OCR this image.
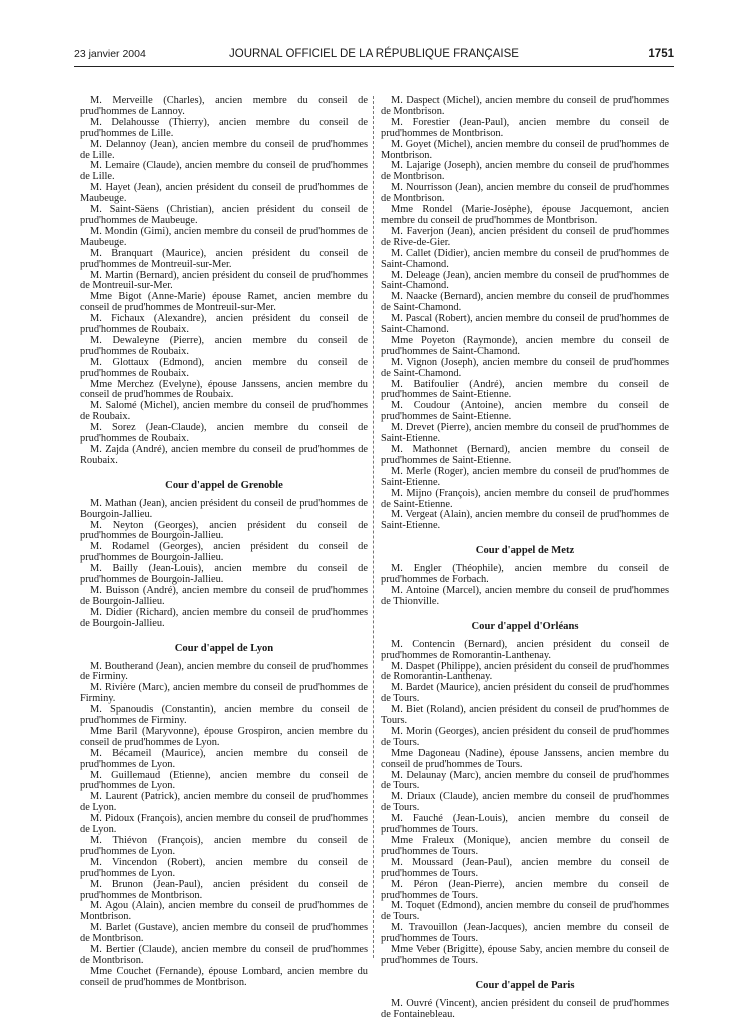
23 janvier 2004	JOURNAL OFFICIEL DE LA RÉPUBLIQUE FRANÇAISE	1751

M. Merveille (Charles), ancien membre du conseil de prud'hommes de Lannoy.

M. Delahousse (Thierry), ancien membre du conseil de prud'hommes de Lille.

M. Delannoy (Jean), ancien membre du conseil de prud'hommes de Lille.

M. Lemaire (Claude), ancien membre du conseil de prud'hommes de Lille.

M. Hayet (Jean), ancien président du conseil de prud'hommes de Maubeuge.

M. Saint-Säens (Christian), ancien président du conseil de prud'hommes de Maubeuge.

M. Mondin (Gimi), ancien membre du conseil de prud'hommes de Maubeuge.

M. Branquart (Maurice), ancien président du conseil de prud'hommes de Montreuil-sur-Mer.

M. Martin (Bernard), ancien président du conseil de prud'hommes de Montreuil-sur-Mer.

Mme Bigot (Anne-Marie) épouse Ramet, ancien membre du conseil de prud'hommes de Montreuil-sur-Mer.

M. Fichaux (Alexandre), ancien président du conseil de prud'hommes de Roubaix.

M. Dewaleyne (Pierre), ancien membre du conseil de prud'hommes de Roubaix.

M. Glottaux (Edmond), ancien membre du conseil de prud'hommes de Roubaix.

Mme Merchez (Evelyne), épouse Janssens, ancien membre du conseil de prud'hommes de Roubaix.

M. Salomé (Michel), ancien membre du conseil de prud'hommes de Roubaix.

M. Sorez (Jean-Claude), ancien membre du conseil de prud'hommes de Roubaix.

M. Zajda (André), ancien membre du conseil de prud'hommes de Roubaix.

Cour d'appel de Grenoble

M. Mathan (Jean), ancien président du conseil de prud'hommes de Bourgoin-Jallieu.

M. Neyton (Georges), ancien président du conseil de prud'hommes de Bourgoin-Jallieu.

M. Rodamel (Georges), ancien président du conseil de prud'hommes de Bourgoin-Jallieu.

M. Bailly (Jean-Louis), ancien membre du conseil de prud'hommes de Bourgoin-Jallieu.

M. Buisson (André), ancien membre du conseil de prud'hommes de Bourgoin-Jallieu.

M. Didier (Richard), ancien membre du conseil de prud'hommes de Bourgoin-Jallieu.

Cour d'appel de Lyon

M. Boutherand (Jean), ancien membre du conseil de prud'hommes de Firminy.

M. Rivière (Marc), ancien membre du conseil de prud'hommes de Firminy.

M. Spanoudis (Constantin), ancien membre du conseil de prud'hommes de Firminy.

Mme Baril (Maryvonne), épouse Grospiron, ancien membre du conseil de prud'hommes de Lyon.

M. Bécameil (Maurice), ancien membre du conseil de prud'hommes de Lyon.

M. Guillemaud (Etienne), ancien membre du conseil de prud'hommes de Lyon.

M. Laurent (Patrick), ancien membre du conseil de prud'hommes de Lyon.

M. Pidoux (François), ancien membre du conseil de prud'hommes de Lyon.

M. Thiévon (François), ancien membre du conseil de prud'hommes de Lyon.

M. Vincendon (Robert), ancien membre du conseil de prud'hommes de Lyon.

M. Brunon (Jean-Paul), ancien président du conseil de prud'hommes de Montbrison.

M. Agou (Alain), ancien membre du conseil de prud'hommes de Montbrison.

M. Barlet (Gustave), ancien membre du conseil de prud'hommes de Montbrison.

M. Bertier (Claude), ancien membre du conseil de prud'hommes de Montbrison.

Mme Couchet (Fernande), épouse Lombard, ancien membre du conseil de prud'hommes de Montbrison.

M. Daspect (Michel), ancien membre du conseil de prud'hommes de Montbrison.

M. Forestier (Jean-Paul), ancien membre du conseil de prud'hommes de Montbrison.

M. Goyet (Michel), ancien membre du conseil de prud'hommes de Montbrison.

M. Lajarige (Joseph), ancien membre du conseil de prud'hommes de Montbrison.

M. Nourrisson (Jean), ancien membre du conseil de prud'hommes de Montbrison.

Mme Rondel (Marie-Josèphe), épouse Jacquemont, ancien membre du conseil de prud'hommes de Montbrison.

M. Faverjon (Jean), ancien président du conseil de prud'hommes de Rive-de-Gier.

M. Callet (Didier), ancien membre du conseil de prud'hommes de Saint-Chamond.

M. Deleage (Jean), ancien membre du conseil de prud'hommes de Saint-Chamond.

M. Naacke (Bernard), ancien membre du conseil de prud'hommes de Saint-Chamond.

M. Pascal (Robert), ancien membre du conseil de prud'hommes de Saint-Chamond.

Mme Poyeton (Raymonde), ancien membre du conseil de prud'hommes de Saint-Chamond.

M. Vignon (Joseph), ancien membre du conseil de prud'hommes de Saint-Chamond.

M. Batifoulier (André), ancien membre du conseil de prud'hommes de Saint-Etienne.

M. Coudour (Antoine), ancien membre du conseil de prud'hommes de Saint-Etienne.

M. Drevet (Pierre), ancien membre du conseil de prud'hommes de Saint-Etienne.

M. Mathonnet (Bernard), ancien membre du conseil de prud'hommes de Saint-Etienne.

M. Merle (Roger), ancien membre du conseil de prud'hommes de Saint-Etienne.

M. Mijno (François), ancien membre du conseil de prud'hommes de Saint-Etienne.

M. Vergeat (Alain), ancien membre du conseil de prud'hommes de Saint-Etienne.

Cour d'appel de Metz

M. Engler (Théophile), ancien membre du conseil de prud'hommes de Forbach.

M. Antoine (Marcel), ancien membre du conseil de prud'hommes de Thionville.

Cour d'appel d'Orléans

M. Contencin (Bernard), ancien président du conseil de prud'hommes de Romorantin-Lanthenay.

M. Daspet (Philippe), ancien président du conseil de prud'hommes de Romorantin-Lanthenay.

M. Bardet (Maurice), ancien président du conseil de prud'hommes de Tours.

M. Biet (Roland), ancien président du conseil de prud'hommes de Tours.

M. Morin (Georges), ancien président du conseil de prud'hommes de Tours.

Mme Dagoneau (Nadine), épouse Janssens, ancien membre du conseil de prud'hommes de Tours.

M. Delaunay (Marc), ancien membre du conseil de prud'hommes de Tours.

M. Driaux (Claude), ancien membre du conseil de prud'hommes de Tours.

M. Fauché (Jean-Louis), ancien membre du conseil de prud'hommes de Tours.

Mme Fraleux (Monique), ancien membre du conseil de prud'hommes de Tours.

M. Moussard (Jean-Paul), ancien membre du conseil de prud'hommes de Tours.

M. Péron (Jean-Pierre), ancien membre du conseil de prud'hommes de Tours.

M. Toquet (Edmond), ancien membre du conseil de prud'hommes de Tours.

M. Travouillon (Jean-Jacques), ancien membre du conseil de prud'hommes de Tours.

Mme Veber (Brigitte), épouse Saby, ancien membre du conseil de prud'hommes de Tours.

Cour d'appel de Paris

M. Ouvré (Vincent), ancien président du conseil de prud'hommes de Fontainebleau.
